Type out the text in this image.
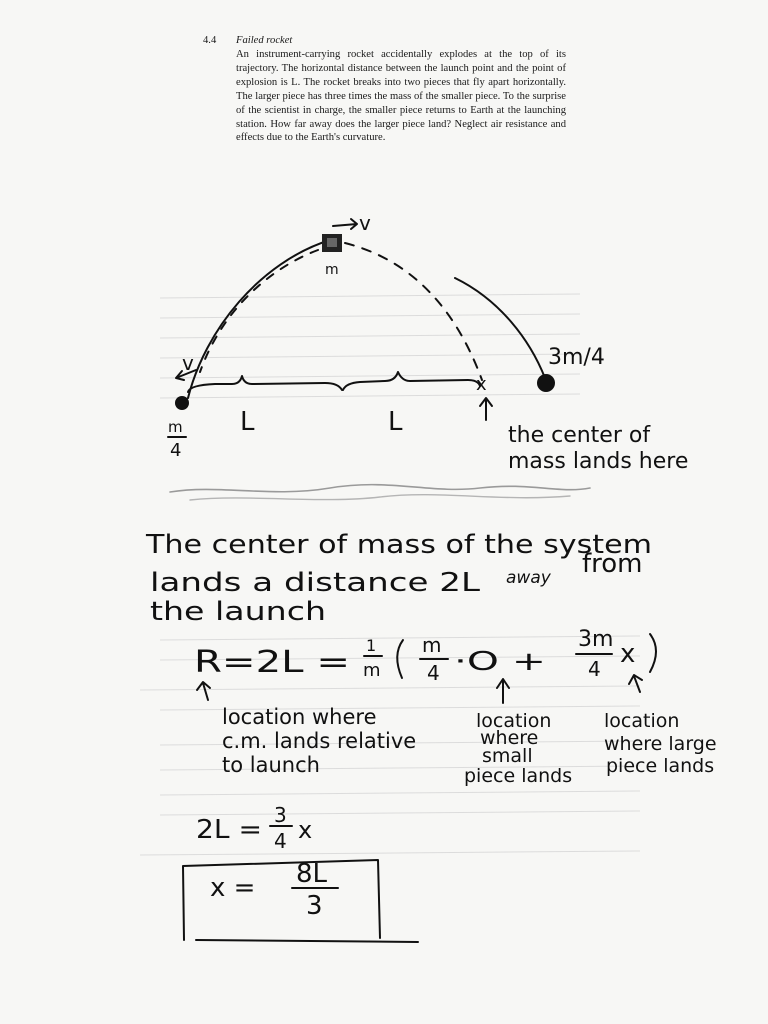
4.4 Failed rocket
An instrument-carrying rocket accidentally explodes at the top of its trajectory. The horizontal distance between the launch point and the point of explosion is L. The rocket breaks into two pieces that fly apart horizontally. The larger piece has three times the mass of the smaller piece. To the surprise of the scientist in charge, the smaller piece returns to Earth at the launching station. How far away does the larger piece land? Neglect air resistance and effects due to the Earth's curvature.
v
m
v
m
4
3m/4
x
L	L	the center of
mass lands here
The center of mass of the system
lands a distance 2L away from
the launch
R=2L = 1
m
m
4 ·O +
3m
4 x
location where
c.m. lands relative
to launch
location
where
small
piece lands
location
where large
piece lands
2L = 3
4 x
x = 8L
3
